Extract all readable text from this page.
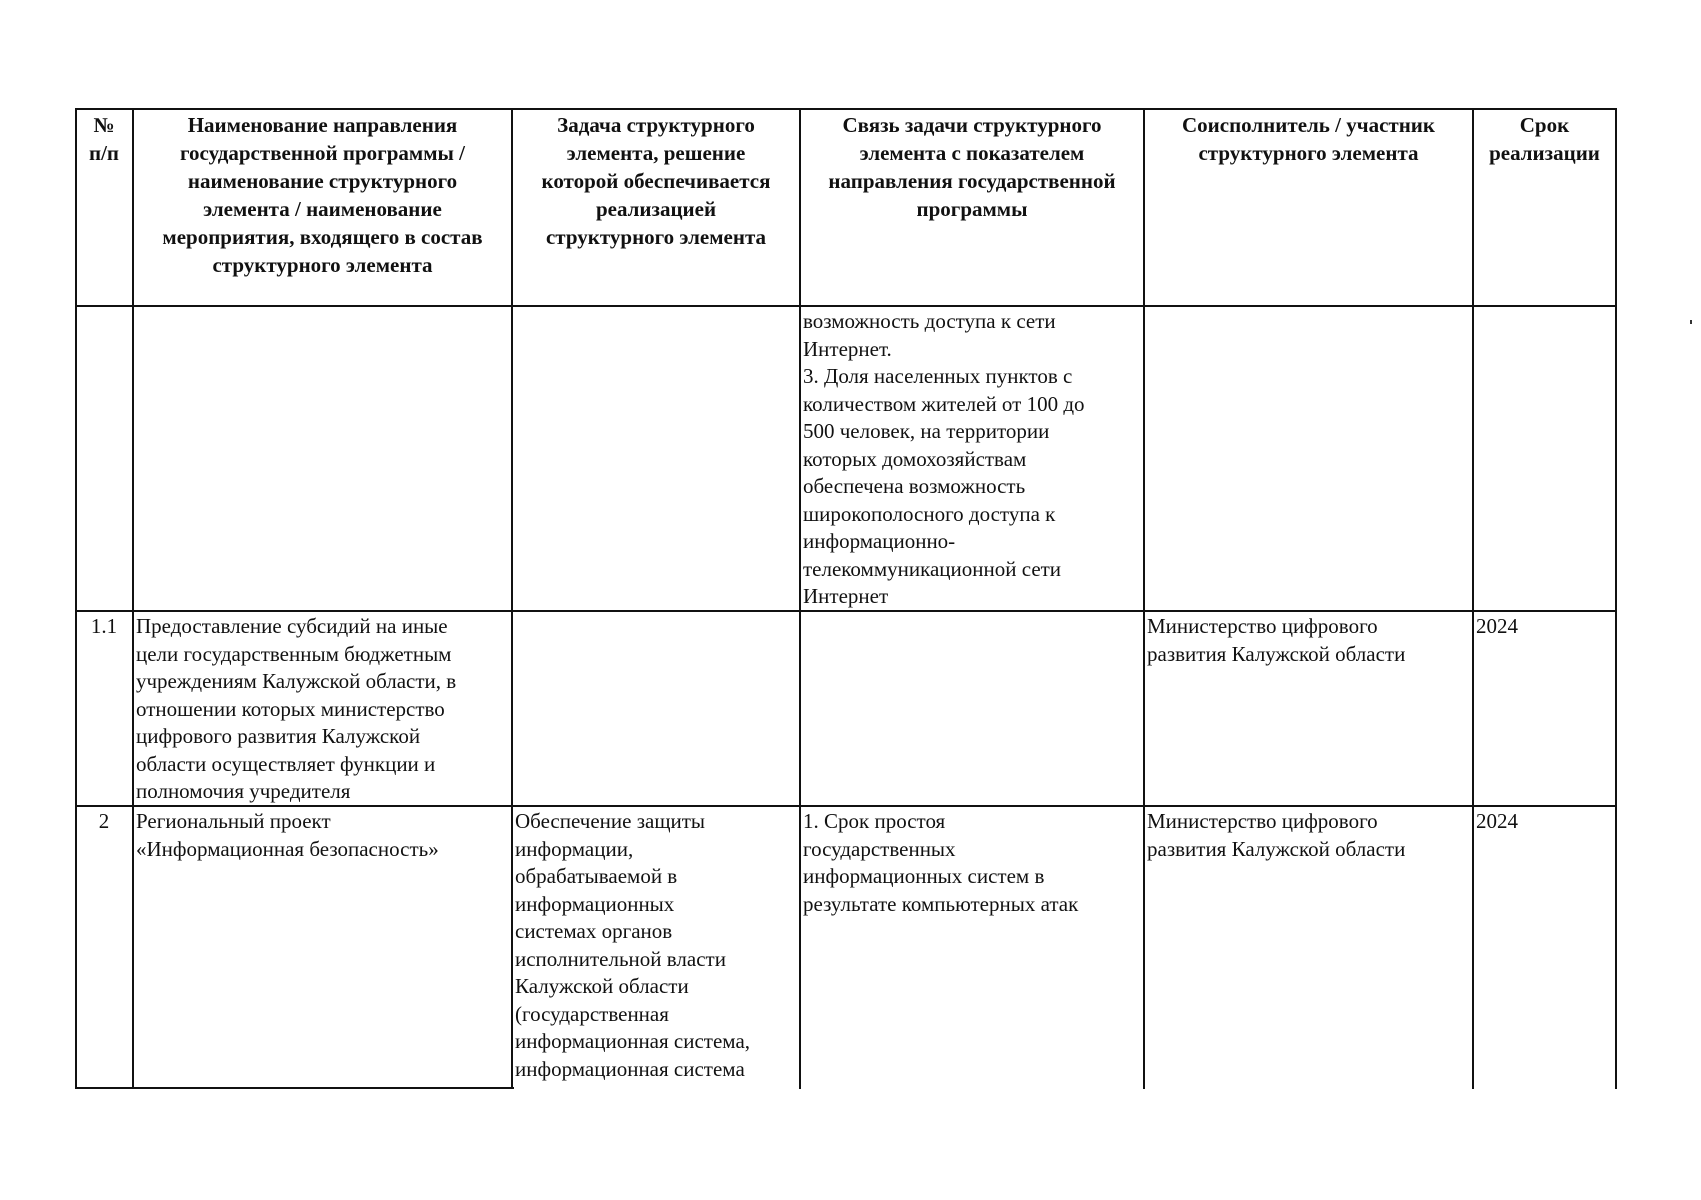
№
п/п
Наименование направления
государственной программы /
наименование структурного
элемента / наименование
мероприятия, входящего в состав
структурного элемента
Задача структурного
элемента, решение
которой обеспечивается
реализацией
структурного элемента
Связь задачи структурного
элемента с показателем
направления государственной
программы
Соисполнитель / участник
структурного элемента
Срок
реализации
возможность доступа к сети
Интернет.
3. Доля населенных пунктов с
количеством жителей от 100 до
500 человек, на территории
которых домохозяйствам
обеспечена возможность
широкополосного доступа к
информационно-
телекоммуникационной сети
Интернет
1.1 Предоставление субсидий на иные
цели государственным бюджетным
учреждениям Калужской области, в
отношении которых министерство
цифрового развития Калужской
области осуществляет функции и
полномочия учредителя
Министерство цифрового
развития Калужской области
2024
2	Региональный проект
«Информационная безопасность»
Обеспечение защиты
информации,
обрабатываемой в
информационных
системах органов
исполнительной власти
Калужской области
(государственная
информационная система,
информационная система
1. Срок простоя
государственных
информационных систем в
результате компьютерных атак
Министерство цифрового
развития Калужской области
2024
